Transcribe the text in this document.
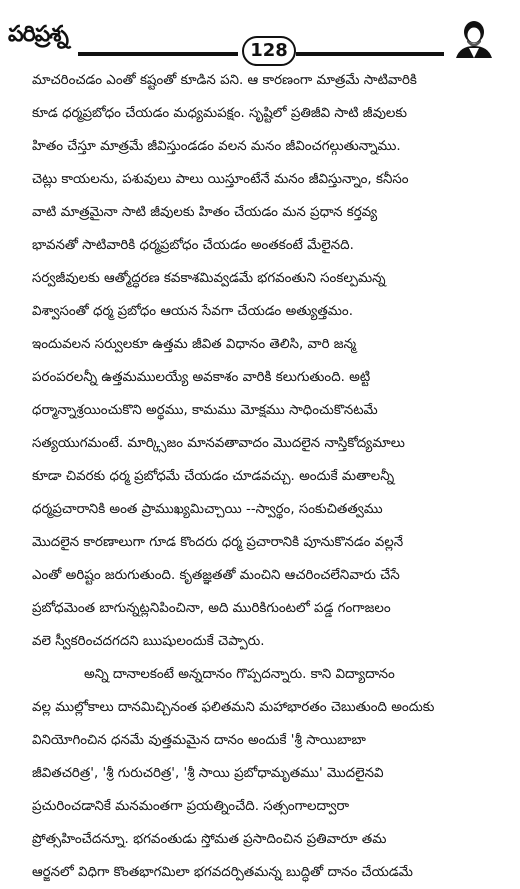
పరిప్రశ్న
128
మాచరించడం ఎంతో కష్టంతో కూడిన పని. ఆ కారణంగా మాత్రమే సాటివారికి
కూడ ధర్మప్రబోధం చేయడం మధ్యమపక్షం. సృష్టిలో ప్రతిజీవి సాటి జీవులకు
హితం చేస్తూ మాత్రమే జీవిస్తుండడం వలన మనం జీవించగల్గుతున్నాము.
చెట్లు కాయలను, పశువులు పాలు యిస్తూంటేనే మనం జీవిస్తున్నాం, కనీసం
వాటి మాత్రమైనా సాటి జీవులకు హితం చేయడం మన ప్రధాన కర్తవ్య
భావనతో సాటివారికి ధర్మప్రబోధం చేయడం అంతకంటే మేలైనది.
సర్వజీవులకు ఆత్మోద్ధరణ కవకాశమివ్వడమే భగవంతుని సంకల్పమన్న
విశ్వాసంతో ధర్మ ప్రబోధం ఆయన సేవగా చేయడం అత్యుత్తమం.
ఇందువలన సర్వులకూ ఉత్తమ జీవిత విధానం తెలిసి, వారి జన్మ
పరంపరలన్నీ ఉత్తమములయ్యే అవకాశం వారికి కలుగుతుంది. అట్టి
ధర్మాన్నాశ్రయించుకొని అర్థము, కామము మోక్షము సాధించుకొనటమే
సత్యయుగమంటే. మార్క్సిజం మానవతావాదం మొదలైన నాస్తికోద్యమాలు
కూడా చివరకు ధర్మ ప్రబోధమే చేయడం చూడవచ్చు. అందుకే మతాలన్నీ
ధర్మప్రచారానికి అంత ప్రాముఖ్యమిచ్చాయి --స్వార్థం, సంకుచితత్వము
మొదలైన కారణాలుగా గూడ కొందరు ధర్మ ప్రచారానికి పూనుకొనడం వల్లనే
ఎంతో అరిష్టం జరుగుతుంది. కృతజ్ఞతతో మంచిని ఆచరించలేనివారు చేసే
ప్రబోధమెంత బాగున్నట్లనిపించినా, అది మురికిగుంటలో పడ్డ గంగాజలం
వలె స్వీకరించదగదని ఋషులందుకే చెప్పారు.
అన్ని దానాలకంటే అన్నదానం గొప్పదన్నారు. కాని విద్యాదానం
వల్ల ముల్లోకాలు దానమిచ్చినంత ఫలితమని మహాభారతం చెబుతుంది అందుకు
వినియోగించిన ధనమే వుత్తమమైన దానం అందుకే 'శ్రీ సాయిబాబా
జీవితచరిత్ర', 'శ్రీ గురుచరిత్ర', 'శ్రీ సాయి ప్రబోధామృతము' మొదలైనవి
ప్రచురించడానికే మనమంతగా ప్రయత్నించేది. సత్సంగాలద్వారా
ప్రోత్సహించేదన్నూ. భగవంతుడు స్తోమత ప్రసాదించిన ప్రతివారూ తమ
ఆర్జనలో విధిగా కొంతభాగమిలా భగవదర్పితమన్న బుద్ధితో దానం చేయడమే
